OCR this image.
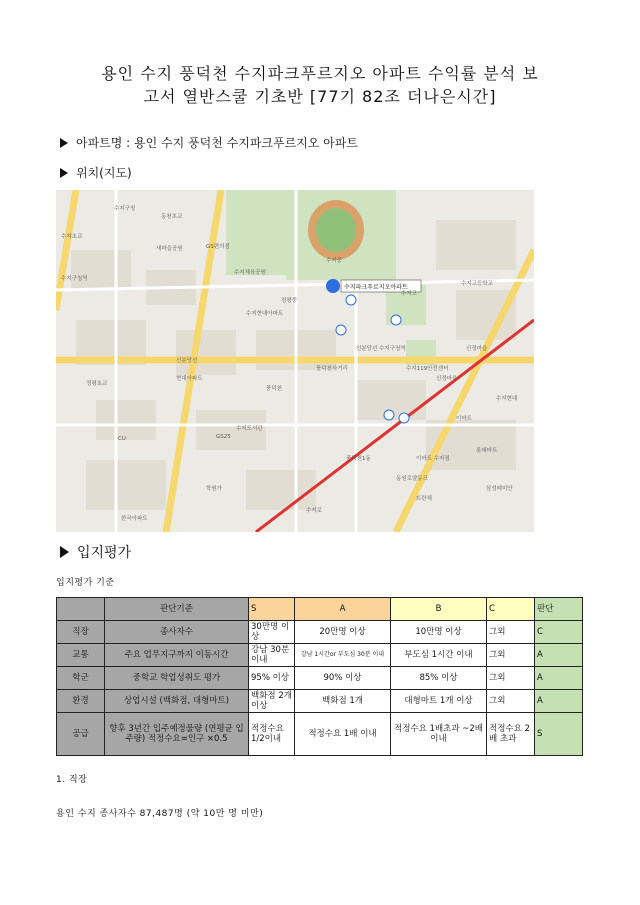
용인 수지 풍덕천 수지파크푸르지오 아파트 수익률 분석 보
고서 열반스쿨 기초반 [77기 82조 더나은시간]
아파트명 : 용인 수지 풍덕천 수지파크푸르지오 아파트
위치(지도)
수지파크푸르지오아파트
수지구청
수지초교
수지구청역
동천초교
수지중
새마을공원	GS편의점
정평중
수지체육공원
신분당선
풍덕천사거리
수지고
수지도서관
현대아파트	신정마을
한국아파트
롯데마트
이마트
수지현대아파트
수지고등학교
CU	GS25
동원로얄듀크
수지119안전센터
신정마을
풍덕천1동
정평초교
뜨란채
삼성래미안
풍덕천
수지로
신분당선 수지구청역
이마트 수지점
수지현대
학원가
입지평가
입지평가 기준
	판단기준	S	A	B	C	판단
직장	종사자수	30만명 이상	20만명 이상	10만명 이상	그외	C
교통	주요 업무지구까지 이동시간	강남 30분이내	강남 1시간or 부도심 30분 이내	부도심 1시간 이내	그외	A
학군	중학교 학업성취도 평가	95% 이상	90% 이상	85% 이상	그외	A
환경	상업시설 (백화점, 대형마트)	백화점 2개 이상	백화점 1개	대형마트 1개 이상	그외	A
공급	향후 3년간 입주예정물량 (연평균 입주량) 적정수요=인구 ×0.5	적정수요 1/2이내	적정수요 1배 이내	적정수요 1배초과 ~2배 이내	적정수요 2배 초과	S
1. 직장
용인 수지 종사자수 87,487명 (약 10만 명 미만)
